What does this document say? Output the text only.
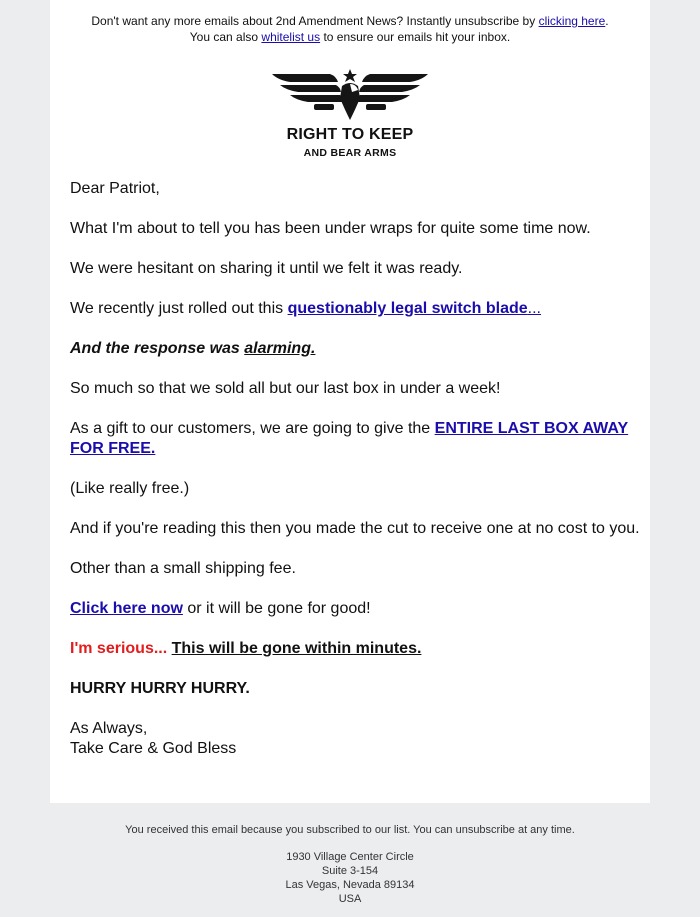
Don't want any more emails about 2nd Amendment News? Instantly unsubscribe by clicking here.
You can also whitelist us to ensure our emails hit your inbox.
RIGHT TO KEEP
AND BEAR ARMS

Dear Patriot,

What I'm about to tell you has been under wraps for quite some time now.

We were hesitant on sharing it until we felt it was ready.

We recently just rolled out this questionably legal switch blade...

And the response was alarming.

So much so that we sold all but our last box in under a week!

As a gift to our customers, we are going to give the ENTIRE LAST BOX AWAY FOR FREE.

(Like really free.)

And if you're reading this then you made the cut to receive one at no cost to you.

Other than a small shipping fee.

Click here now or it will be gone for good!

I'm serious... This will be gone within minutes.

HURRY HURRY HURRY.

As Always,
Take Care & God Bless

You received this email because you subscribed to our list. You can unsubscribe at any time.
1930 Village Center Circle
Suite 3-154
Las Vegas, Nevada 89134
USA
